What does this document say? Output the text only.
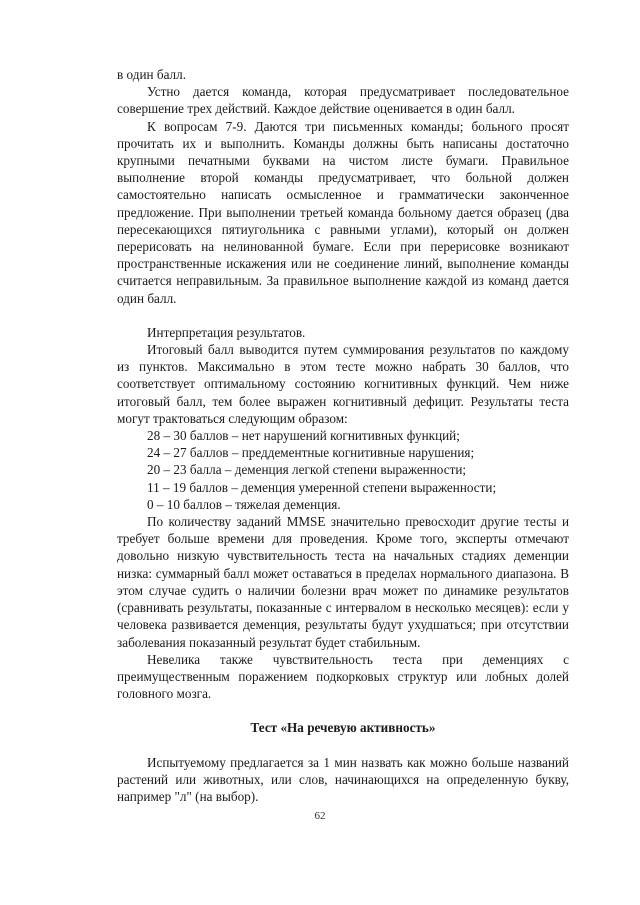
в один балл.

Устно дается команда, которая предусматривает последовательное совершение трех действий. Каждое действие оценивается в один балл.

К вопросам 7-9. Даются три письменных команды; больного просят прочитать их и выполнить. Команды должны быть написаны достаточно крупными печатными буквами на чистом листе бумаги. Правильное выполнение второй команды предусматривает, что больной должен самостоятельно написать осмысленное и грамматически законченное предложение. При выполнении третьей команда больному дается образец (два пересекающихся пятиугольника с равными углами), который он должен перерисовать на нелинованной бумаге. Если при перерисовке возникают пространственные искажения или не соединение линий, выполнение команды считается неправильным. За правильное выполнение каждой из команд дается один балл.

Интерпретация результатов.

Итоговый балл выводится путем суммирования результатов по каждому из пунктов. Максимально в этом тесте можно набрать 30 баллов, что соответствует оптимальному состоянию когнитивных функций. Чем ниже итоговый балл, тем более выражен когнитивный дефицит. Результаты теста могут трактоваться следующим образом:

28 – 30 баллов – нет нарушений когнитивных функций;

24 – 27 баллов – преддементные когнитивные нарушения;

20 – 23 балла – деменция легкой степени выраженности;

11 – 19 баллов – деменция умеренной степени выраженности;

0 – 10 баллов – тяжелая деменция.

По количеству заданий MMSE значительно превосходит другие тесты и требует больше времени для проведения. Кроме того, эксперты отмечают довольно низкую чувствительность теста на начальных стадиях деменции низка: суммарный балл может оставаться в пределах нормального диапазона. В этом случае судить о наличии болезни врач может по динамике результатов (сравнивать результаты, показанные с интервалом в несколько месяцев): если у человека развивается деменция, результаты будут ухудшаться; при отсутствии заболевания показанный результат будет стабильным.

Невелика также чувствительность теста при деменциях с преимущественным поражением подкорковых структур или лобных долей головного мозга.

Тест «На речевую активность»

Испытуемому предлагается за 1 мин назвать как можно больше названий растений или животных, или слов, начинающихся на определенную букву, например "л" (на выбор).

62
